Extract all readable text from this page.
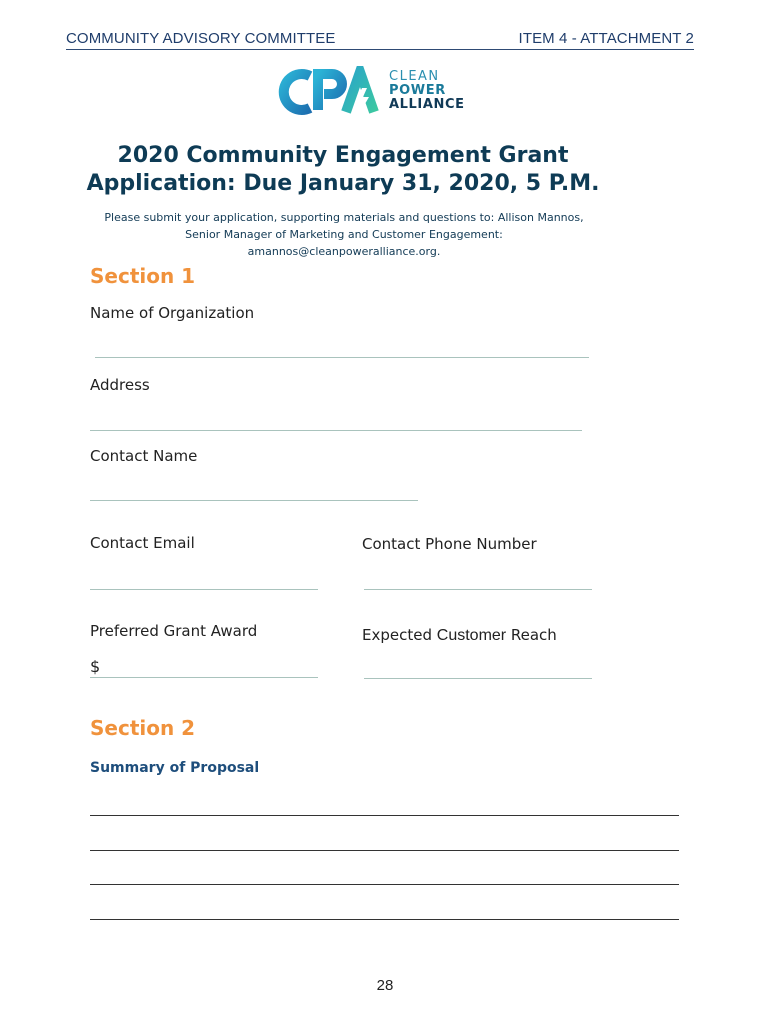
COMMUNITY ADVISORY COMMITTEE	ITEM 4 - ATTACHMENT 2
CLEAN
POWER
ALLIANCE
2020 Community Engagement Grant
Application: Due January 31, 2020, 5 P.M.
Please submit your application, supporting materials and questions to: Allison Mannos,
Senior Manager of Marketing and Customer Engagement:
amannos@cleanpoweralliance.org.
Section 1
Name of Organization
Address
Contact Name
Contact Email	Contact Phone Number
Preferred Grant Award
$
Expected Customer Reach
Section 2
Summary of Proposal
28
